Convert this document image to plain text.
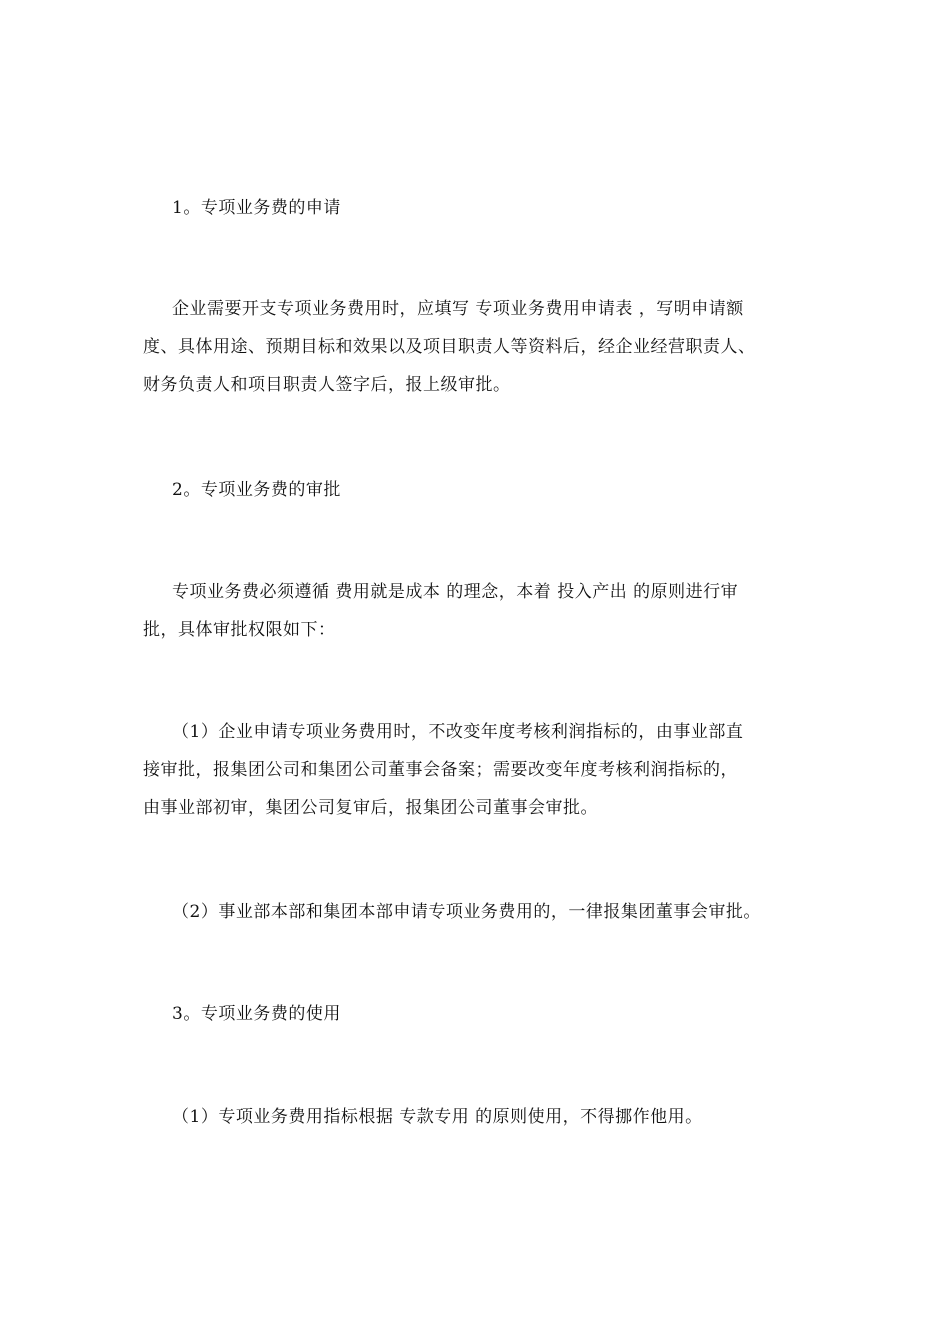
1。专项业务费的申请
企业需要开支专项业务费用时，应填写 专项业务费用申请表 ，写明申请额
度、具体用途、预期目标和效果以及项目职责人等资料后，经企业经营职责人、
财务负责人和项目职责人签字后，报上级审批。
2。专项业务费的审批
专项业务费必须遵循 费用就是成本 的理念，本着 投入产出 的原则进行审
批，具体审批权限如下：
（1）企业申请专项业务费用时，不改变年度考核利润指标的，由事业部直
接审批，报集团公司和集团公司董事会备案；需要改变年度考核利润指标的，
由事业部初审，集团公司复审后，报集团公司董事会审批。
（2）事业部本部和集团本部申请专项业务费用的，一律报集团董事会审批。
3。专项业务费的使用
（1）专项业务费用指标根据 专款专用 的原则使用，不得挪作他用。
